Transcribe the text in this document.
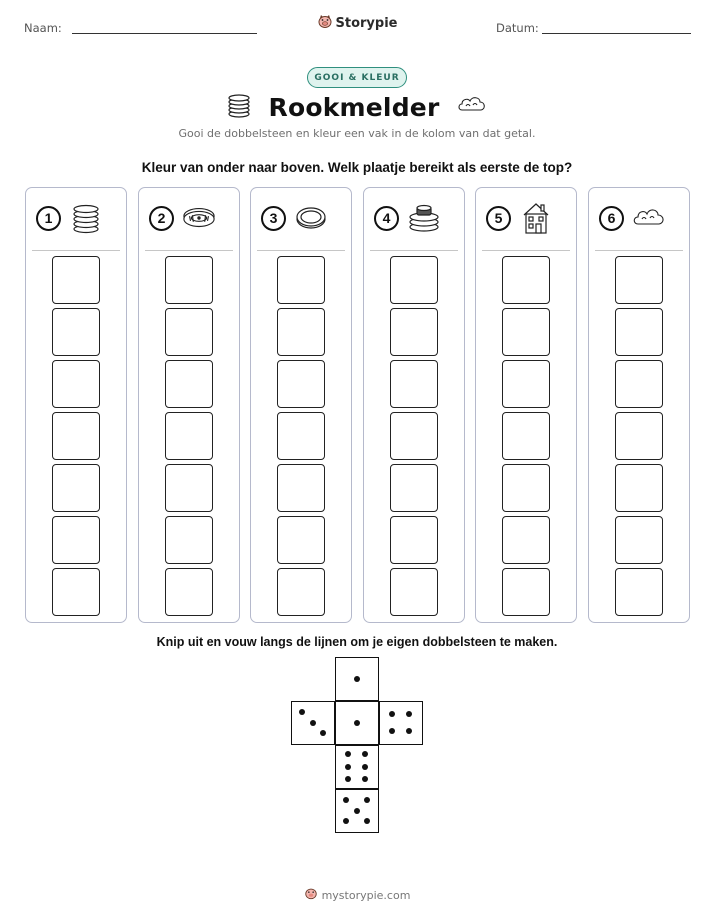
Naam:	Datum:
Storypie
GOOI & KLEUR
Rookmelder
Gooi de dobbelsteen en kleur een vak in de kolom van dat getal.
Kleur van onder naar boven. Welk plaatje bereikt als eerste de top?
1	2	3	4	5	6
Knip uit en vouw langs de lijnen om je eigen dobbelsteen te maken.
mystorypie.com
